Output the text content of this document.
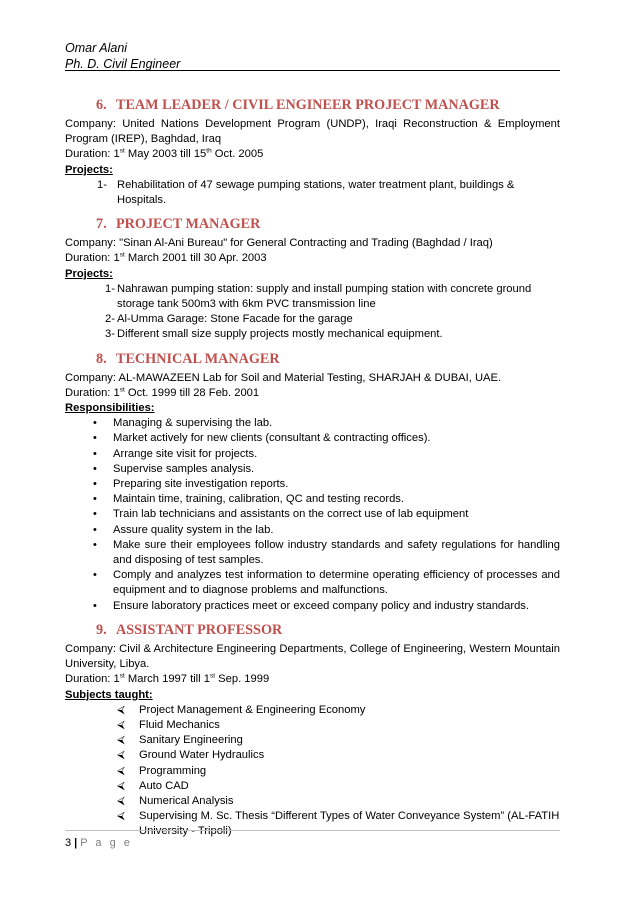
Omar Alani
Ph. D. Civil Engineer
6. TEAM LEADER / CIVIL ENGINEER PROJECT MANAGER

Company: United Nations Development Program (UNDP), Iraqi Reconstruction & Employment Program (IREP), Baghdad, Iraq

Duration: 1st May 2003 till 15th Oct. 2005

Projects:

1- Rehabilitation of 47 sewage pumping stations, water treatment plant, buildings & Hospitals.
7. PROJECT MANAGER

Company: "Sinan Al-Ani Bureau" for General Contracting and Trading (Baghdad / Iraq)

Duration: 1st March 2001 till 30 Apr. 2003

Projects:

1- Nahrawan pumping station: supply and install pumping station with concrete ground storage tank 500m3 with 6km PVC transmission line
2- Al-Umma Garage: Stone Facade for the garage
3- Different small size supply projects mostly mechanical equipment.
8. TECHNICAL MANAGER

Company: AL-MAWAZEEN Lab for Soil and Material Testing, SHARJAH & DUBAI, UAE.

Duration: 1st Oct. 1999 till 28 Feb. 2001

Responsibilities:

• Managing & supervising the lab.
• Market actively for new clients (consultant & contracting offices).
• Arrange site visit for projects.
• Supervise samples analysis.
• Preparing site investigation reports.
• Maintain time, training, calibration, QC and testing records.
• Train lab technicians and assistants on the correct use of lab equipment
• Assure quality system in the lab.
• Make sure their employees follow industry standards and safety regulations for handling and disposing of test samples.
• Comply and analyzes test information to determine operating efficiency of processes and equipment and to diagnose problems and malfunctions.
• Ensure laboratory practices meet or exceed company policy and industry standards.
9. ASSISTANT PROFESSOR

Company: Civil & Architecture Engineering Departments, College of Engineering, Western Mountain University, Libya.

Duration: 1st March 1997 till 1st Sep. 1999

Subjects taught:

⮘ Project Management & Engineering Economy
⮘ Fluid Mechanics
⮘ Sanitary Engineering
⮘ Ground Water Hydraulics
⮘ Programming
⮘ Auto CAD
⮘ Numerical Analysis
⮘ Supervising M. Sc. Thesis “Different Types of Water Conveyance System” (AL-FATIH University - Tripoli)
3 | P a g e
